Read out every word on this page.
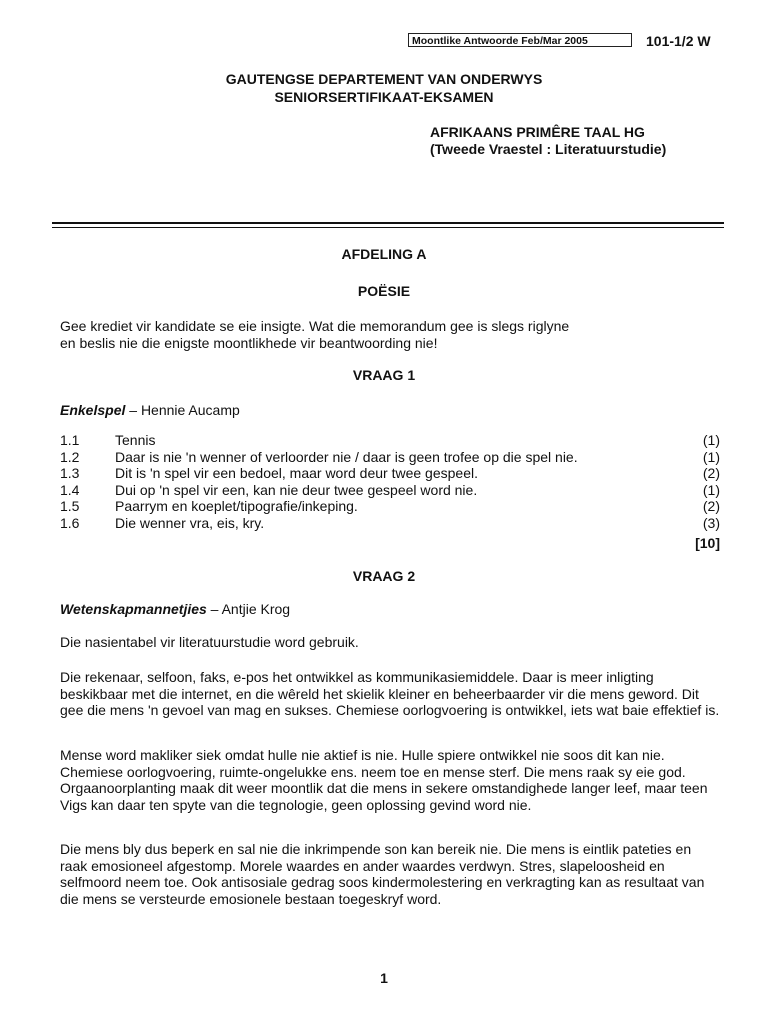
Moontlike Antwoorde Feb/Mar 2005	101-1/2 W
GAUTENGSE DEPARTEMENT VAN ONDERWYS
SENIORSERTIFIKAAT-EKSAMEN
AFRIKAANS PRIMÊRE TAAL HG
(Tweede Vraestel : Literatuurstudie)
AFDELING A
POËSIE
Gee krediet vir kandidate se eie insigte. Wat die memorandum gee is slegs riglyne
en beslis nie die enigste moontlikhede vir beantwoording nie!
VRAAG 1
Enkelspel – Hennie Aucamp
1.1	Tennis	(1)
1.2	Daar is nie 'n wenner of verloorder nie / daar is geen trofee op die spel nie.	(1)
1.3	Dit is 'n spel vir een bedoel, maar word deur twee gespeel.	(2)
1.4	Dui op 'n spel vir een, kan nie deur twee gespeel word nie.	(1)
1.5	Paarrym en koeplet/tipografie/inkeping.	(2)
1.6	Die wenner vra, eis, kry.	(3)
[10]
VRAAG 2
Wetenskapmannetjies – Antjie Krog
Die nasientabel vir literatuurstudie word gebruik.
Die rekenaar, selfoon, faks, e-pos het ontwikkel as kommunikasiemiddele. Daar is meer inligting beskikbaar met die internet, en die wêreld het skielik kleiner en beheerbaarder vir die mens geword. Dit gee die mens 'n gevoel van mag en sukses. Chemiese oorlogvoering is ontwikkel, iets wat baie effektief is.
Mense word makliker siek omdat hulle nie aktief is nie. Hulle spiere ontwikkel nie soos dit kan nie. Chemiese oorlogvoering, ruimte-ongelukke ens. neem toe en mense sterf. Die mens raak sy eie god. Orgaanoorplanting maak dit weer moontlik dat die mens in sekere omstandighede langer leef, maar teen Vigs kan daar ten spyte van die tegnologie, geen oplossing gevind word nie.
Die mens bly dus beperk en sal nie die inkrimpende son kan bereik nie. Die mens is eintlik pateties en raak emosioneel afgestomp. Morele waardes en ander waardes verdwyn. Stres, slapeloosheid en selfmoord neem toe. Ook antisosiale gedrag soos kindermolestering en verkragting kan as resultaat van die mens se versteurde emosionele bestaan toegeskryf word.
1
